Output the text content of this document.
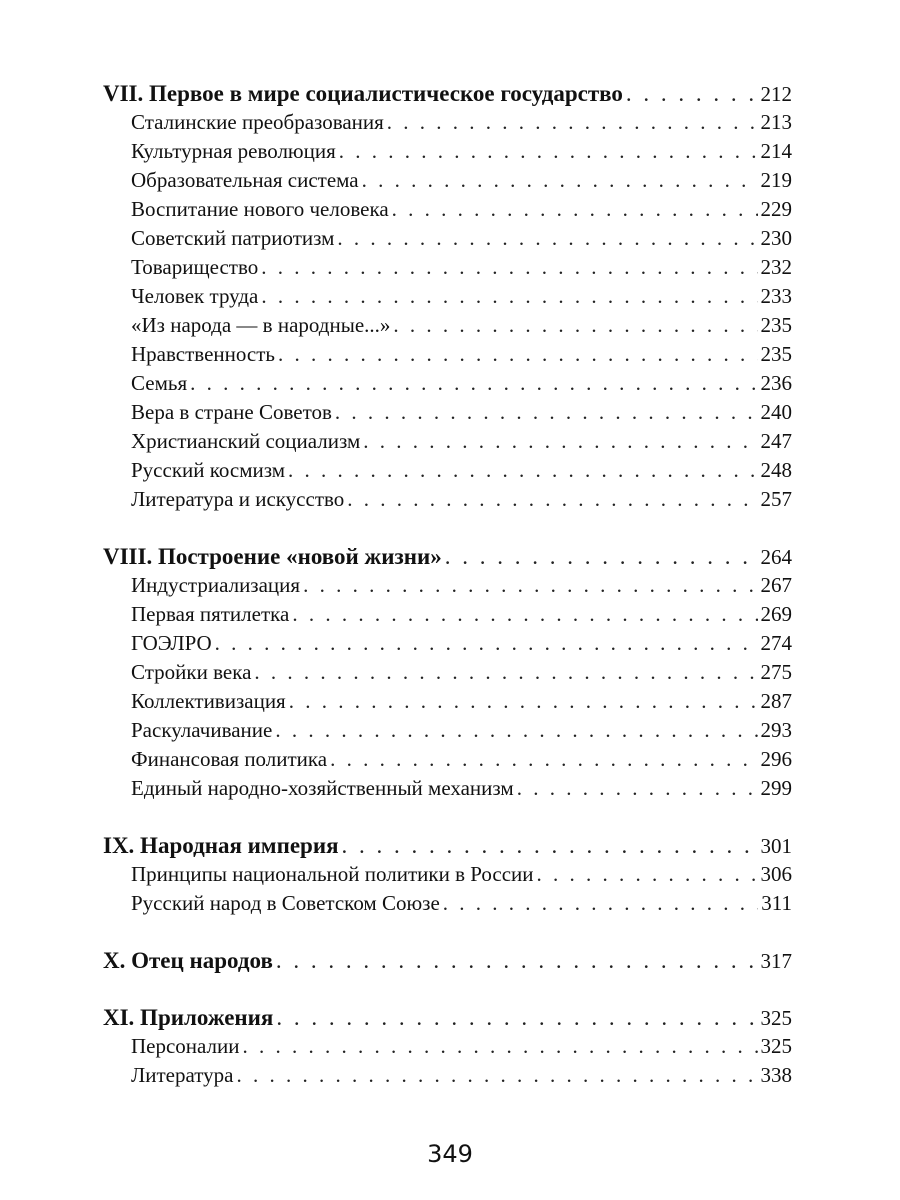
VII. Первое в мире социалистическое государство . . .	212
Сталинские преобразования . . .	213
Культурная революция . . .	214
Образовательная система . . .	219
Воспитание нового человека . . .	229
Советский патриотизм . . .	230
Товарищество . . .	232
Человек труда . . .	233
«Из народа — в народные...» . . .	235
Нравственность . . .	235
Семья . . .	236
Вера в стране Советов . . .	240
Христианский социализм . . .	247
Русский космизм . . .	248
Литература и искусство . . .	257
VIII. Построение «новой жизни» . . .	264
Индустриализация . . .	267
Первая пятилетка . . .	269
ГОЭЛРО . . .	274
Стройки века . . .	275
Коллективизация . . .	287
Раскулачивание . . .	293
Финансовая политика . . .	296
Единый народно-хозяйственный механизм . . .	299
IX. Народная империя . . .	301
Принципы национальной политики в России . . .	306
Русский народ в Советском Союзе . . .	311
X. Отец народов . . .	317
XI. Приложения . . .	325
Персоналии . . .	325
Литература . . .	338
349
